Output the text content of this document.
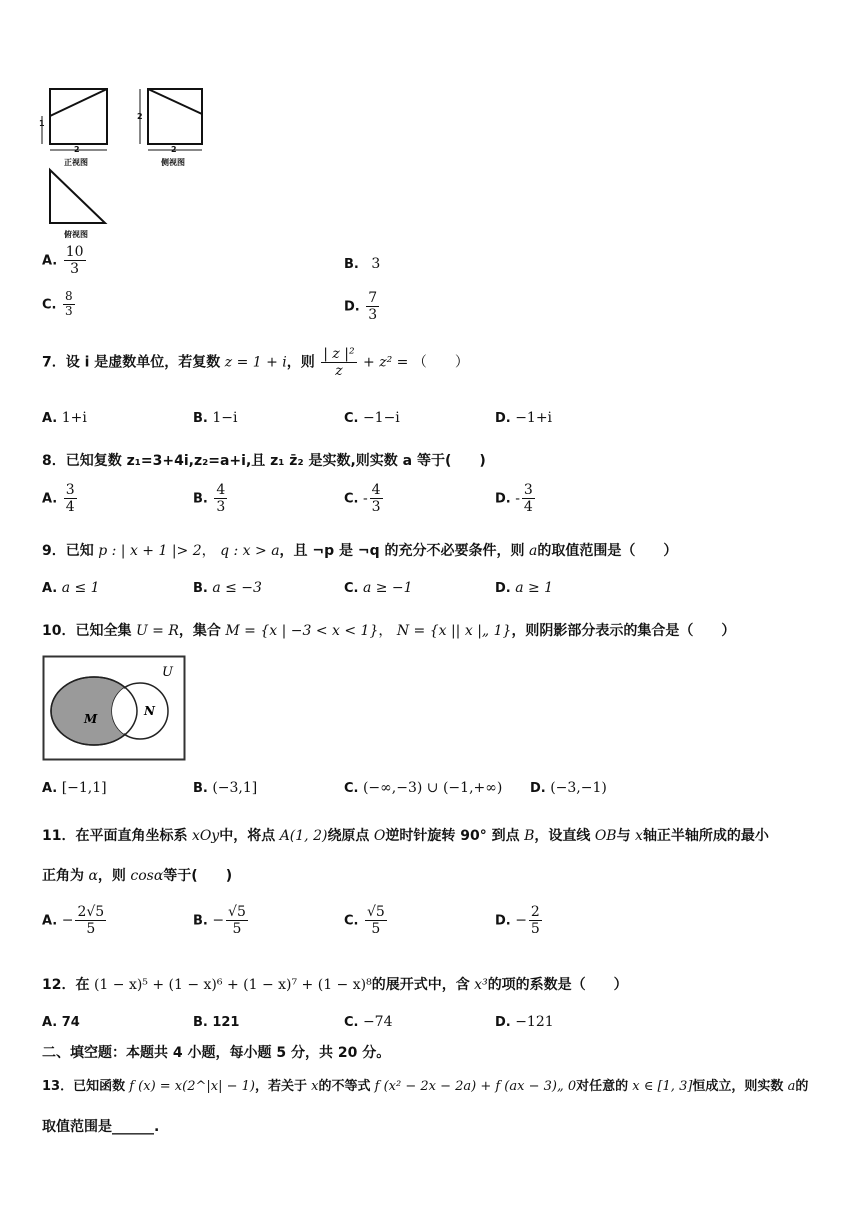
1
2
正视图
2
2
侧视图
俯视图
A. $\frac{10}{3}$	B. 3
C. $\frac{8}{3}$	D. $\frac{7}{3}$
7．设 i 是虚数单位，若复数 z = 1 + i，则 $\frac{\text{| z |²}}{z} + z^2$ = （　　）
A. 1+i	B. 1−i	C. −1−i	D. −1+i
8．已知复数 z₁=3+4i,z₂=a+i,且 z₁ z̄₂ 是实数,则实数 a 等于(　　)
A. $\frac{3}{4}$	B. $\frac{4}{3}$	C. - $\frac{4}{3}$	D. - $\frac{3}{4}$
9．已知 p : | x + 1 |> 2， q : x > a，且 ¬p 是 ¬q 的充分不必要条件，则 a的取值范围是（　　）
A. a ≤ 1	B. a ≤ −3	C. a ≥ −1	D. a ≥ 1
10．已知全集 U = R，集合 M = {x | −3 < x < 1}， N = {x || x |„ 1}，则阴影部分表示的集合是（　　）
U
M
N
A. [−1,1]	B. (−3,1]	C. (−∞,−3) ∪ (−1,+∞) D. (−3,−1)
11．在平面直角坐标系 xOy中，将点 A(1, 2)绕原点 O逆时针旋转 90° 到点 B，设直线 OB与 x轴正半轴所成的最小
正角为 α，则 cosα等于(　　)
A. − $\frac{2√5}{5}$	B. − $\frac{√5}{5}$	C. $\frac{√5}{5}$	D. − $\frac{2}{5}$
12．在 (1 − x)⁵ + (1 − x)⁶ + (1 − x)⁷ + (1 − x)⁸的展开式中，含 x³的项的系数是（　　）
A. 74	B. 121	C. −74	D. −121
二、填空题：本题共 4 小题，每小题 5 分，共 20 分。
13．已知函数 f (x) = x(2^|x| − 1)，若关于 x的不等式 f (x² − 2x − 2a) + f (ax − 3)„ 0对任意的 x ∈ [1, 3]恒成立，则实数 a的
取值范围是______.
